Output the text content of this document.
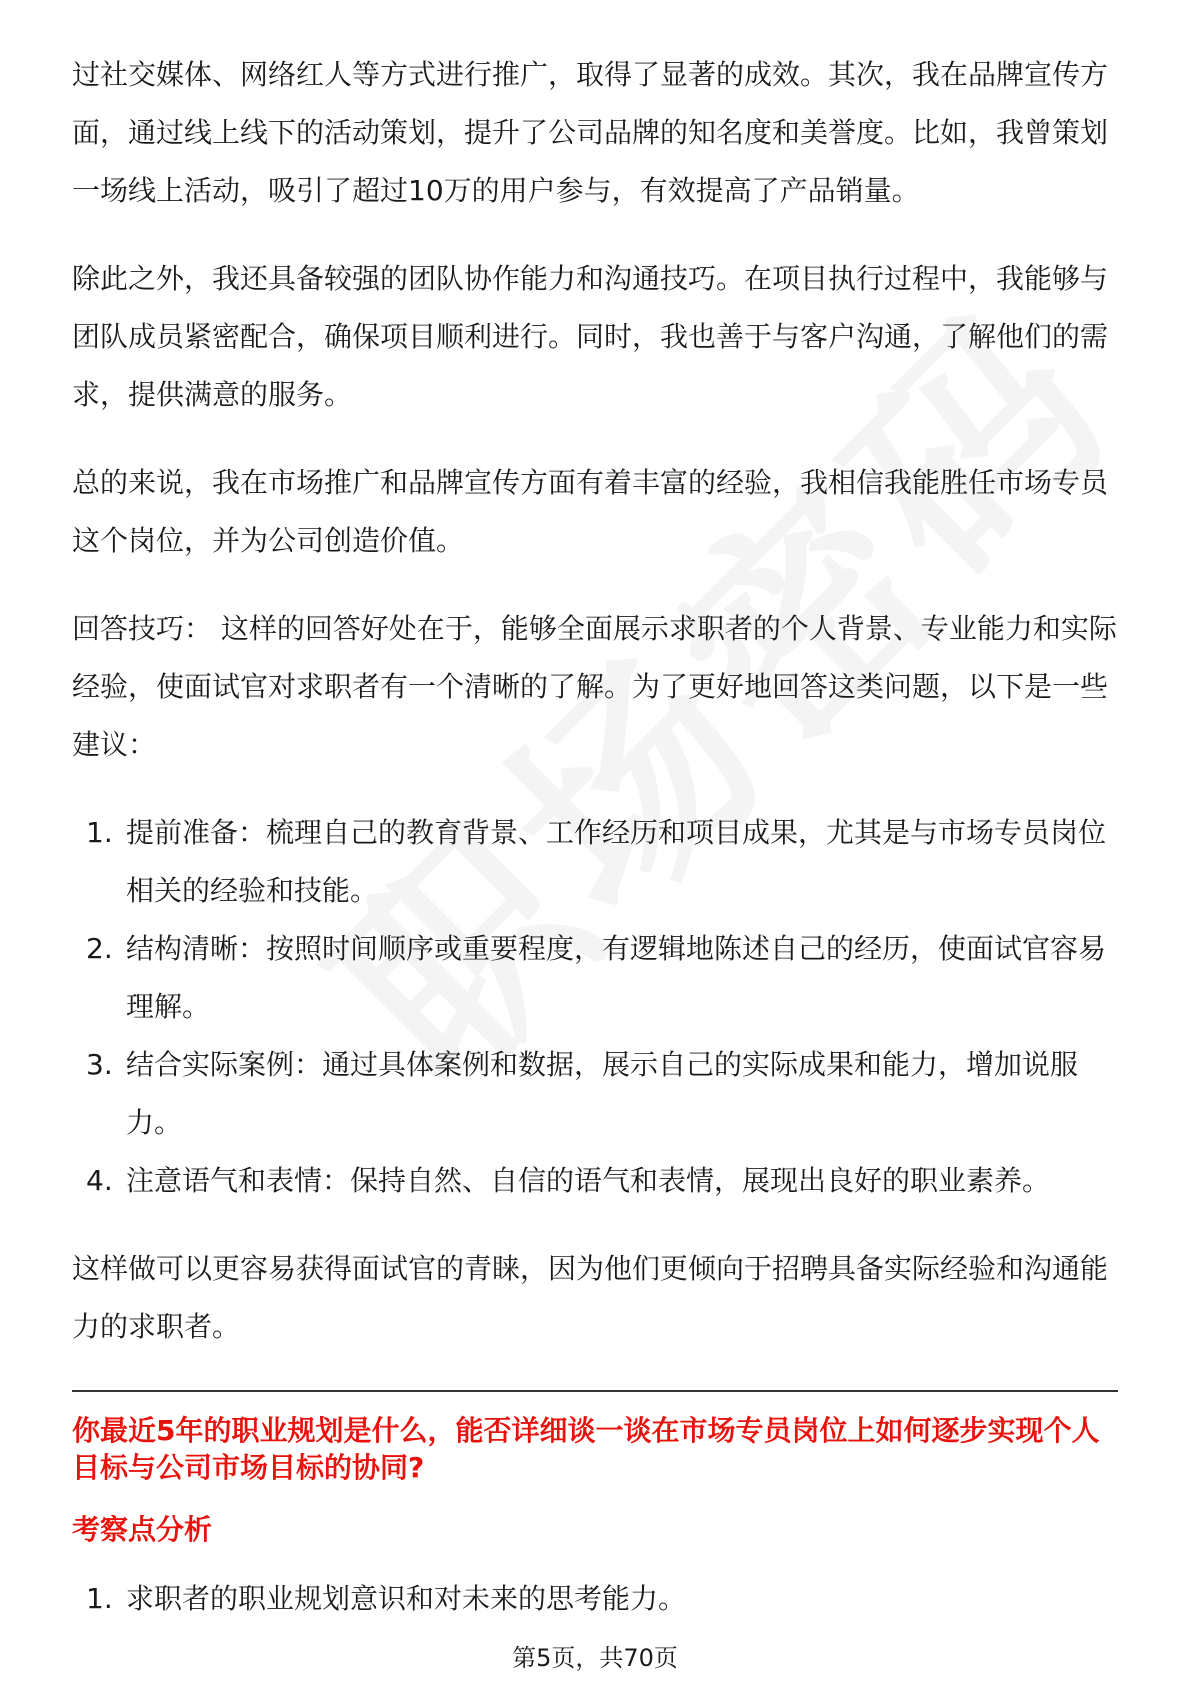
过社交媒体、网络红人等方式进行推广，取得了显著的成效。其次，我在品牌宣传方面，通过线上线下的活动策划，提升了公司品牌的知名度和美誉度。比如，我曾策划一场线上活动，吸引了超过10万的用户参与，有效提高了产品销量。

除此之外，我还具备较强的团队协作能力和沟通技巧。在项目执行过程中，我能够与团队成员紧密配合，确保项目顺利进行。同时，我也善于与客户沟通，了解他们的需求，提供满意的服务。

总的来说，我在市场推广和品牌宣传方面有着丰富的经验，我相信我能胜任市场专员这个岗位，并为公司创造价值。

回答技巧： 这样的回答好处在于，能够全面展示求职者的个人背景、专业能力和实际经验，使面试官对求职者有一个清晰的了解。为了更好地回答这类问题，以下是一些建议：

1. 提前准备：梳理自己的教育背景、工作经历和项目成果，尤其是与市场专员岗位相关的经验和技能。
2. 结构清晰：按照时间顺序或重要程度，有逻辑地陈述自己的经历，使面试官容易理解。
3. 结合实际案例：通过具体案例和数据，展示自己的实际成果和能力，增加说服力。
4. 注意语气和表情：保持自然、自信的语气和表情，展现出良好的职业素养。

这样做可以更容易获得面试官的青睐，因为他们更倾向于招聘具备实际经验和沟通能力的求职者。

你最近5年的职业规划是什么，能否详细谈一谈在市场专员岗位上如何逐步实现个人目标与公司市场目标的协同?
考察点分析
1. 求职者的职业规划意识和对未来的思考能力。
第5页，共70页
